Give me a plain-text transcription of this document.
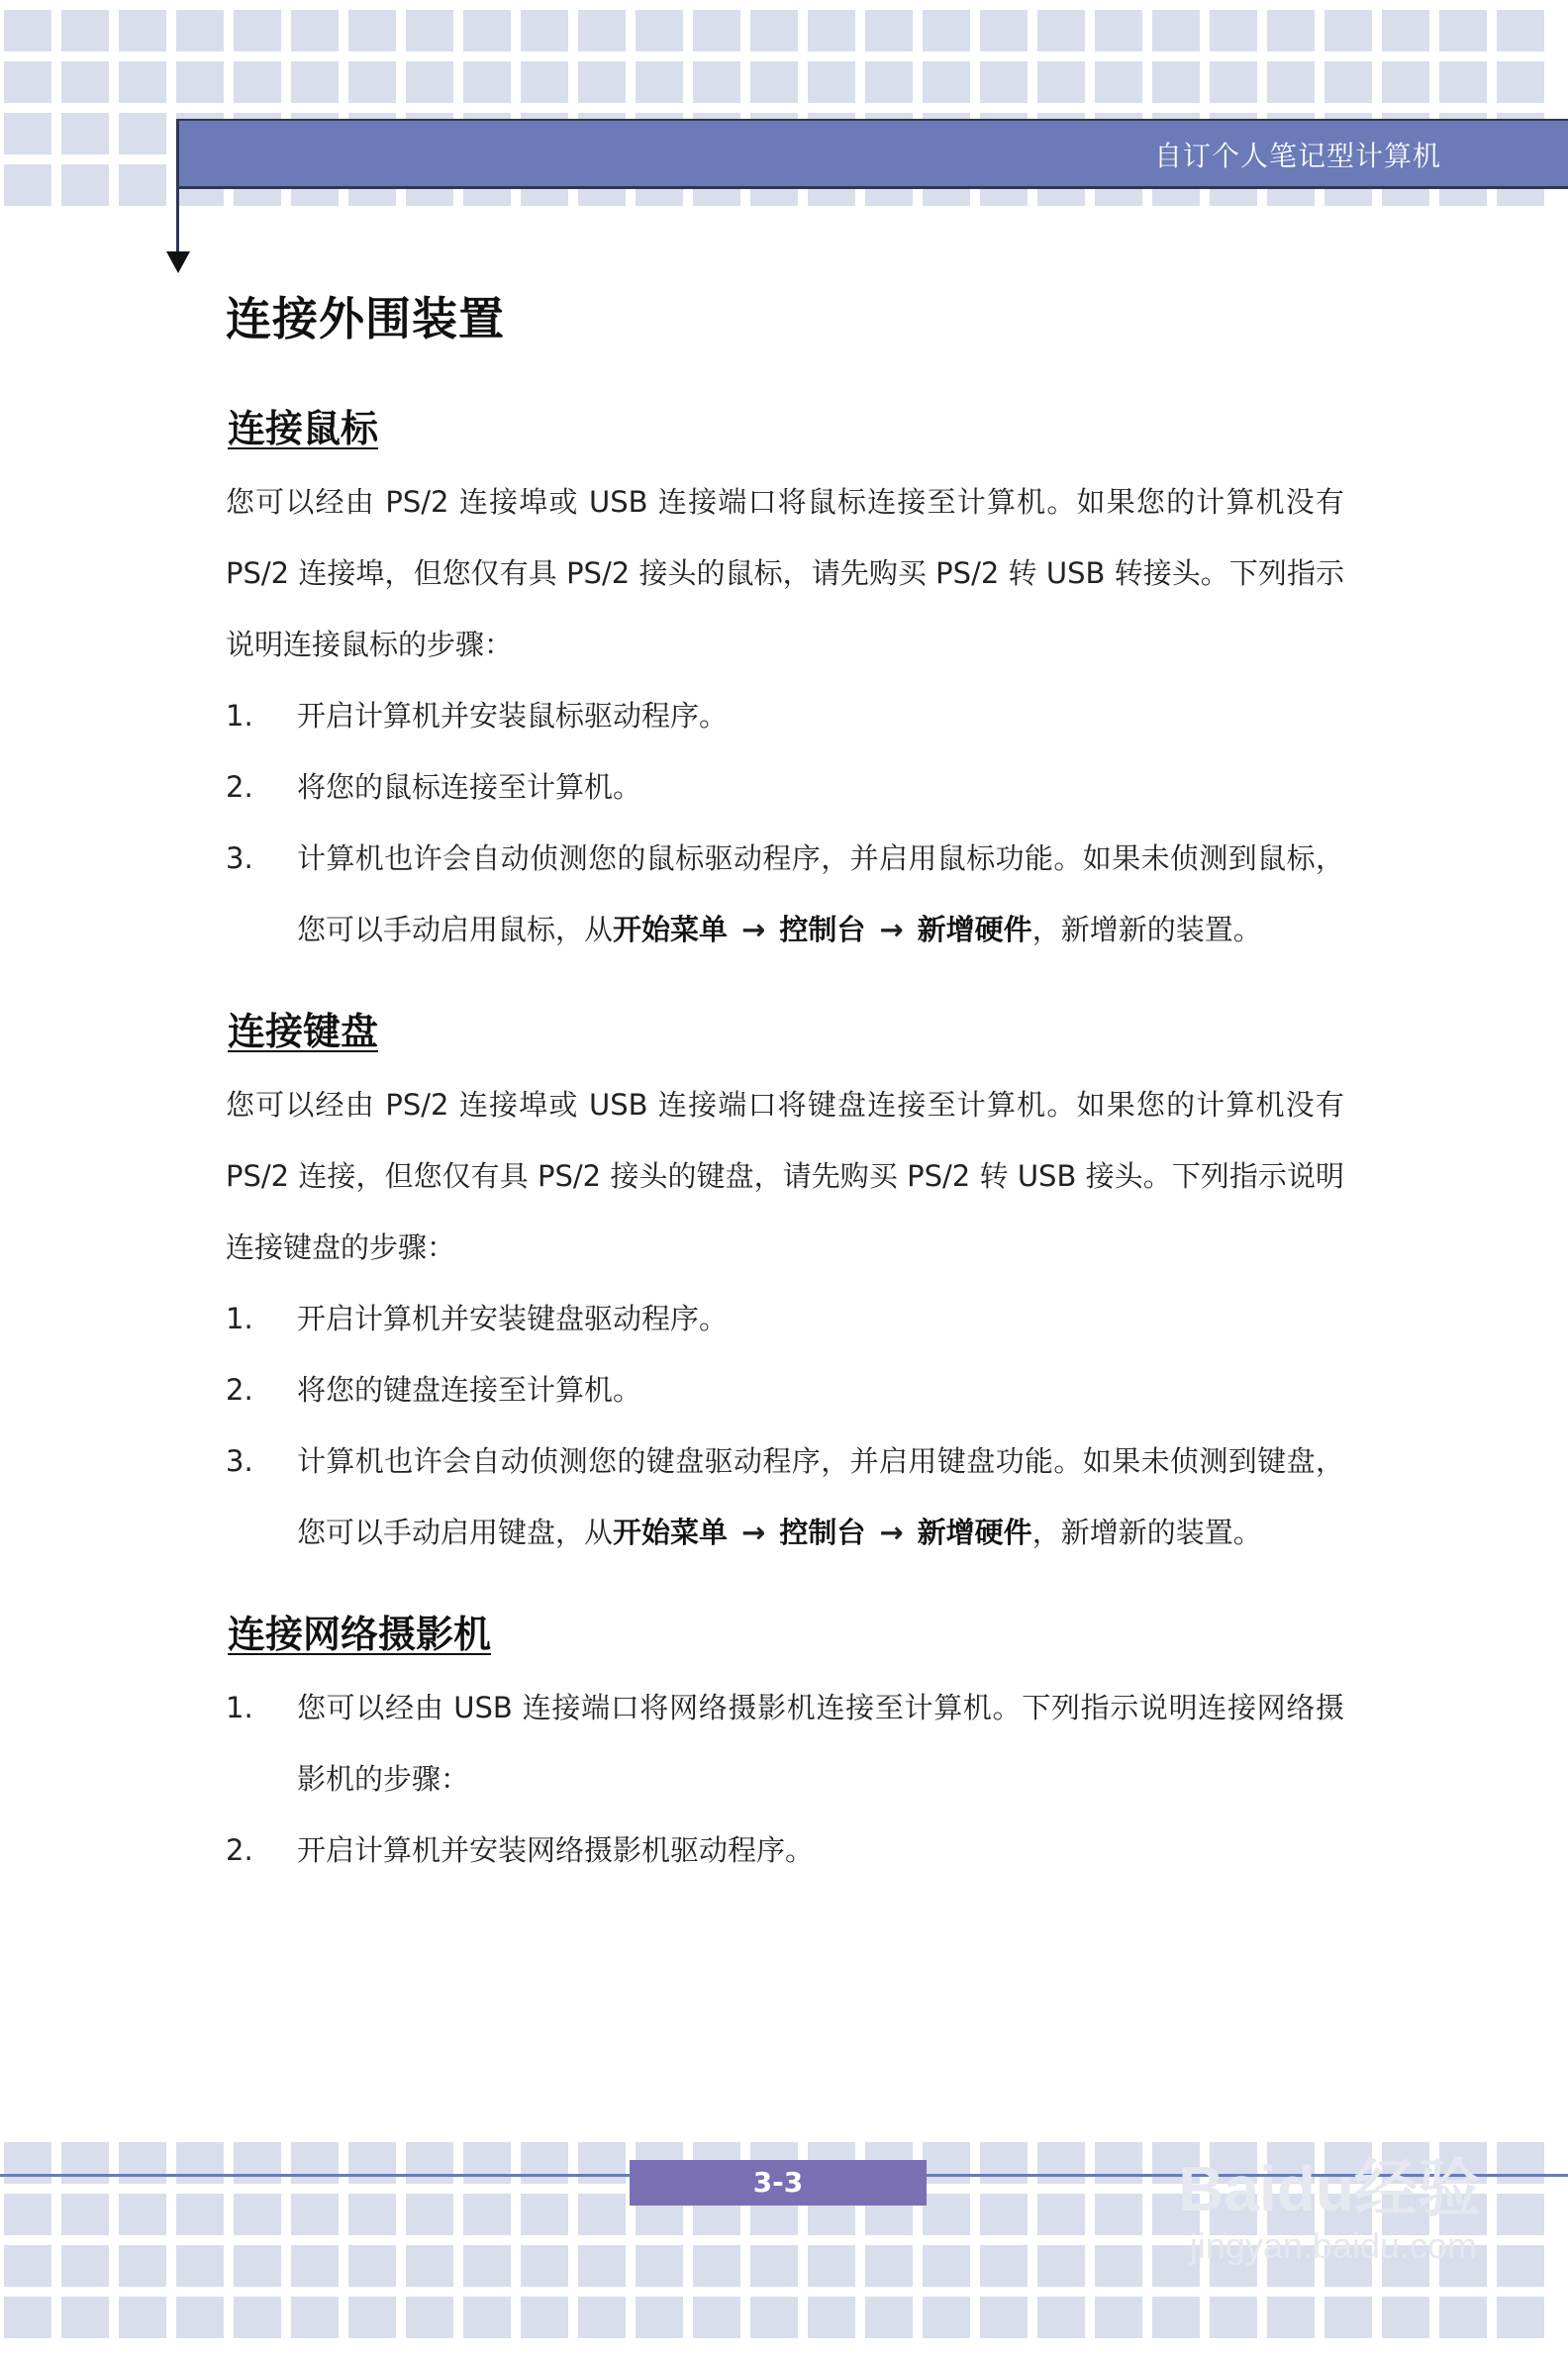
自订个人笔记型计算机
连接外围装置
连接鼠标

您可以经由 PS/2 连接埠或 USB 连接端口将鼠标连接至计算机。如果您的计算机没有 PS/2 连接埠，但您仅有具 PS/2 接头的鼠标，请先购买 PS/2 转 USB 转接头。下列指示说明连接鼠标的步骤：

1.	开启计算机并安装鼠标驱动程序。
2.	将您的鼠标连接至计算机。
3.	计算机也许会自动侦测您的鼠标驱动程序，并启用鼠标功能。如果未侦测到鼠标，您可以手动启用鼠标，从开始菜单 → 控制台 → 新增硬件，新增新的装置。
连接键盘

您可以经由 PS/2 连接埠或 USB 连接端口将键盘连接至计算机。如果您的计算机没有 PS/2 连接，但您仅有具 PS/2 接头的键盘，请先购买 PS/2 转 USB 接头。下列指示说明连接键盘的步骤：

1.	开启计算机并安装键盘驱动程序。
2.	将您的键盘连接至计算机。
3.	计算机也许会自动侦测您的键盘驱动程序，并启用键盘功能。如果未侦测到键盘，您可以手动启用键盘，从开始菜单 → 控制台 → 新增硬件，新增新的装置。
连接网络摄影机
1.	您可以经由 USB 连接端口将网络摄影机连接至计算机。下列指示说明连接网络摄影机的步骤：
2.	开启计算机并安装网络摄影机驱动程序。
3-3	Baidu经验
jingyan.baidu.com
